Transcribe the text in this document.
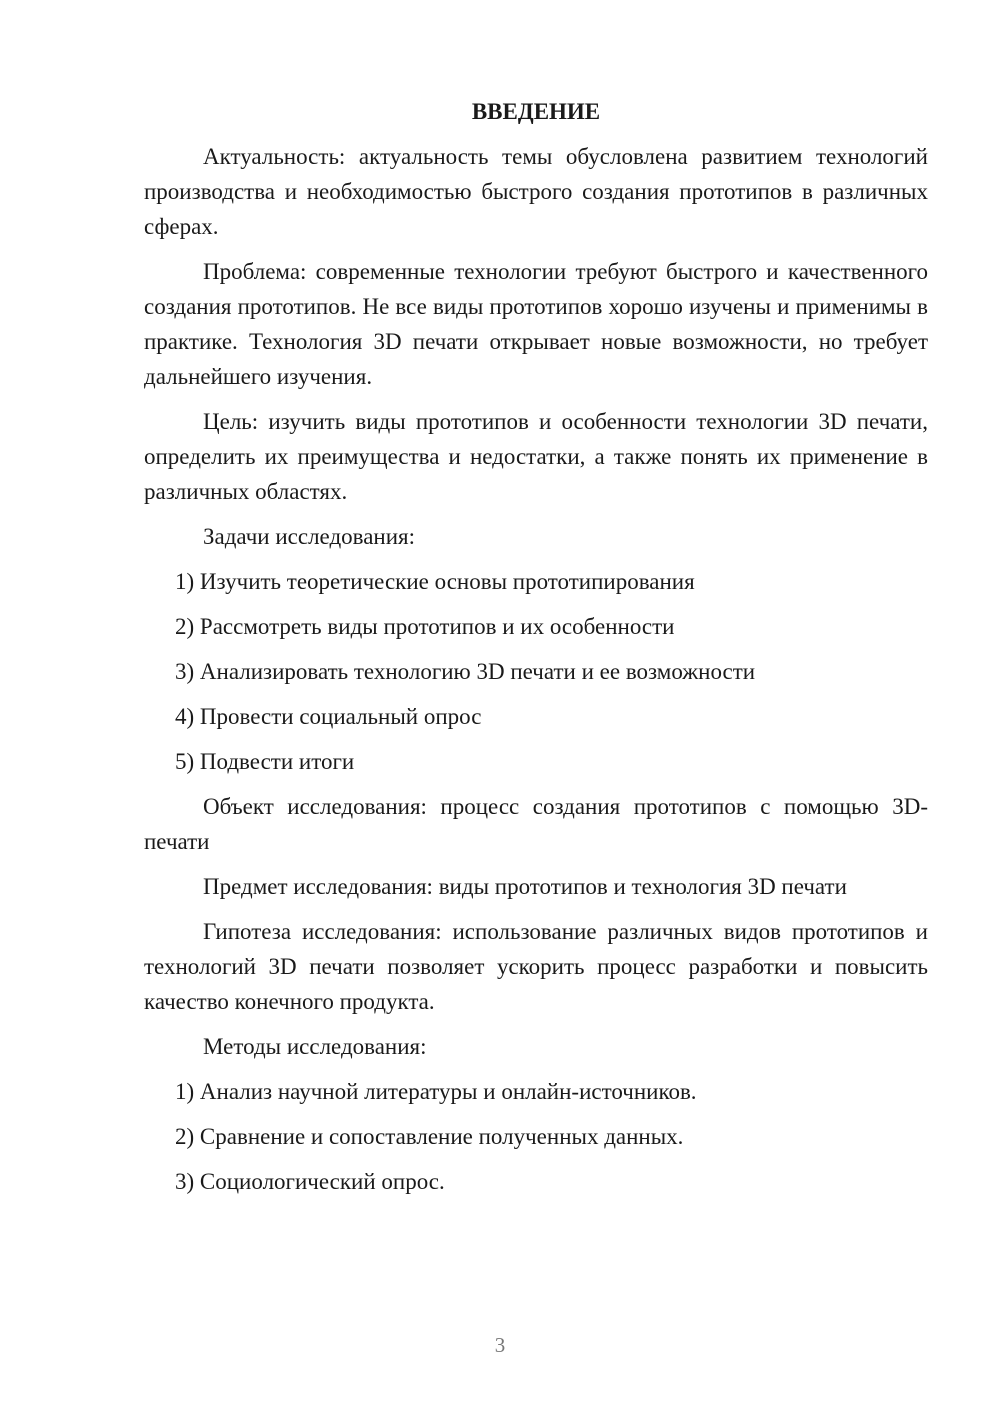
ВВЕДЕНИЕ

Актуальность: актуальность темы обусловлена развитием технологий производства и необходимостью быстрого создания прототипов в различных сферах.

Проблема: современные технологии требуют быстрого и качественного создания прототипов. Не все виды прототипов хорошо изучены и применимы в практике. Технология 3D печати открывает новые возможности, но требует дальнейшего изучения.

Цель: изучить виды прототипов и особенности технологии 3D печати, определить их преимущества и недостатки, а также понять их применение в различных областях.

Задачи исследования:

1) Изучить теоретические основы прототипирования

2) Рассмотреть виды прототипов и их особенности

3) Анализировать технологию 3D печати и ее возможности

4) Провести социальный опрос

5) Подвести итоги

Объект исследования: процесс создания прототипов с помощью 3D-печати

Предмет исследования: виды прототипов и технология 3D печати

Гипотеза исследования: использование различных видов прототипов и технологий 3D печати позволяет ускорить процесс разработки и повысить качество конечного продукта.

Методы исследования:

1) Анализ научной литературы и онлайн-источников.

2) Сравнение и сопоставление полученных данных.

3) Социологический опрос.

3
